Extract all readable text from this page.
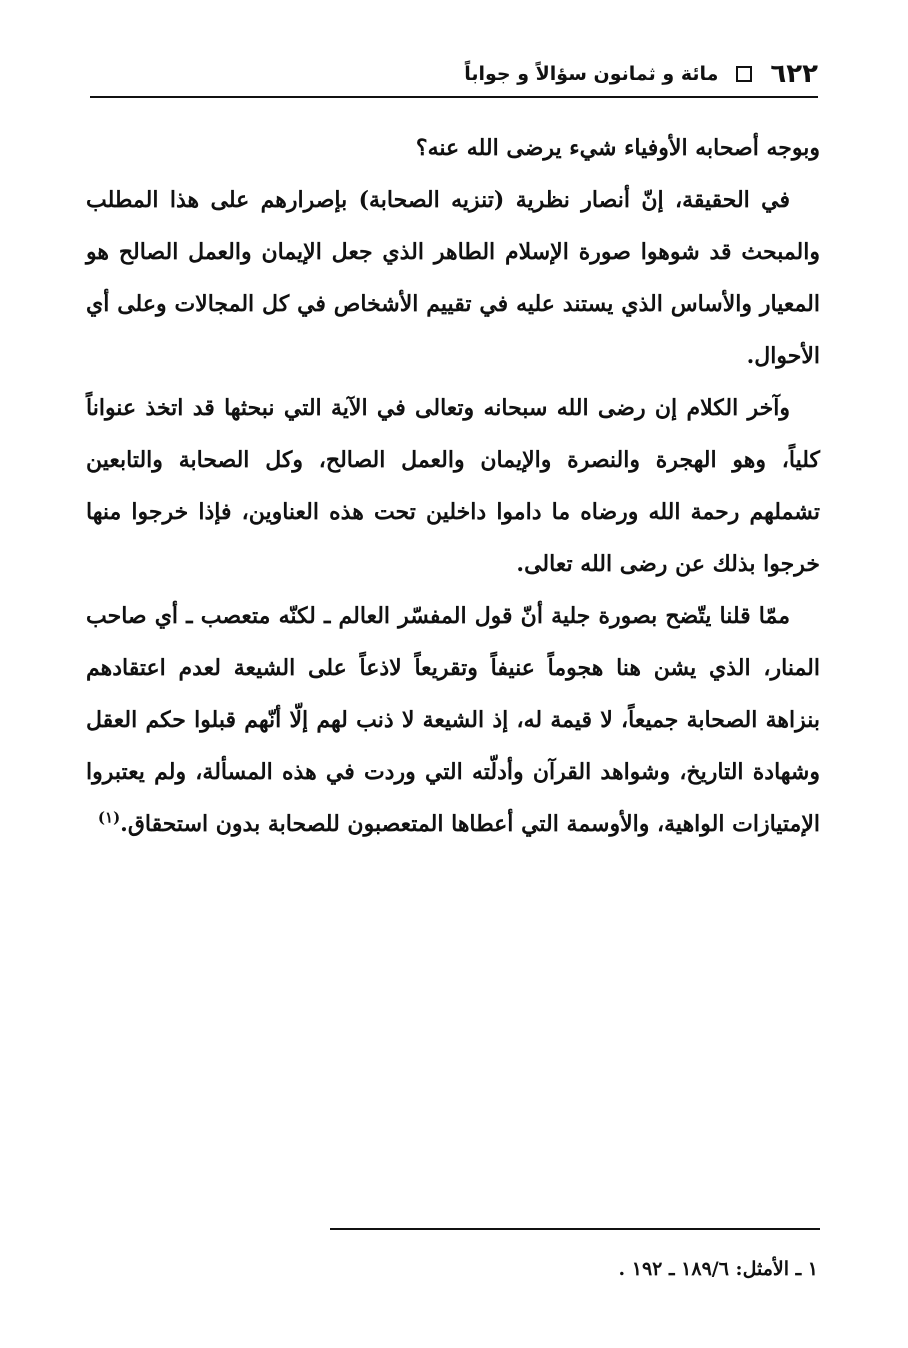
٦٢٢
مائة و ثمانون سؤالاً و جواباً

وبوجه أصحابه الأوفياء شيء يرضى الله عنه؟

في الحقيقة، إنّ أنصار نظرية (تنزيه الصحابة) بإصرارهم على هذا المطلب والمبحث قد شوهوا صورة الإسلام الطاهر الذي جعل الإيمان والعمل الصالح هو المعيار والأساس الذي يستند عليه في تقييم الأشخاص في كل المجالات وعلى أي الأحوال.

وآخر الكلام إن رضى الله سبحانه وتعالى في الآية التي نبحثها قد اتخذ عنواناً كلياً، وهو الهجرة والنصرة والإيمان والعمل الصالح، وكل الصحابة والتابعين تشملهم رحمة الله ورضاه ما داموا داخلين تحت هذه العناوين، فإذا خرجوا منها خرجوا بذلك عن رضى الله تعالى.

ممّا قلنا يتّضح بصورة جلية أنّ قول المفسّر العالم ـ لكنّه متعصب ـ أي صاحب المنار، الذي يشن هنا هجوماً عنيفاً وتقريعاً لاذعاً على الشيعة لعدم اعتقادهم بنزاهة الصحابة جميعاً، لا قيمة له، إذ الشيعة لا ذنب لهم إلّا أنّهم قبلوا حكم العقل وشهادة التاريخ، وشواهد القرآن وأدلّته التي وردت في هذه المسألة، ولم يعتبروا الإمتيازات الواهية، والأوسمة التي أعطاها المتعصبون للصحابة بدون استحقاق.$^{(١)}$

١ ـ الأمثل: ١٨٩/٦ ـ ١٩٢ .
